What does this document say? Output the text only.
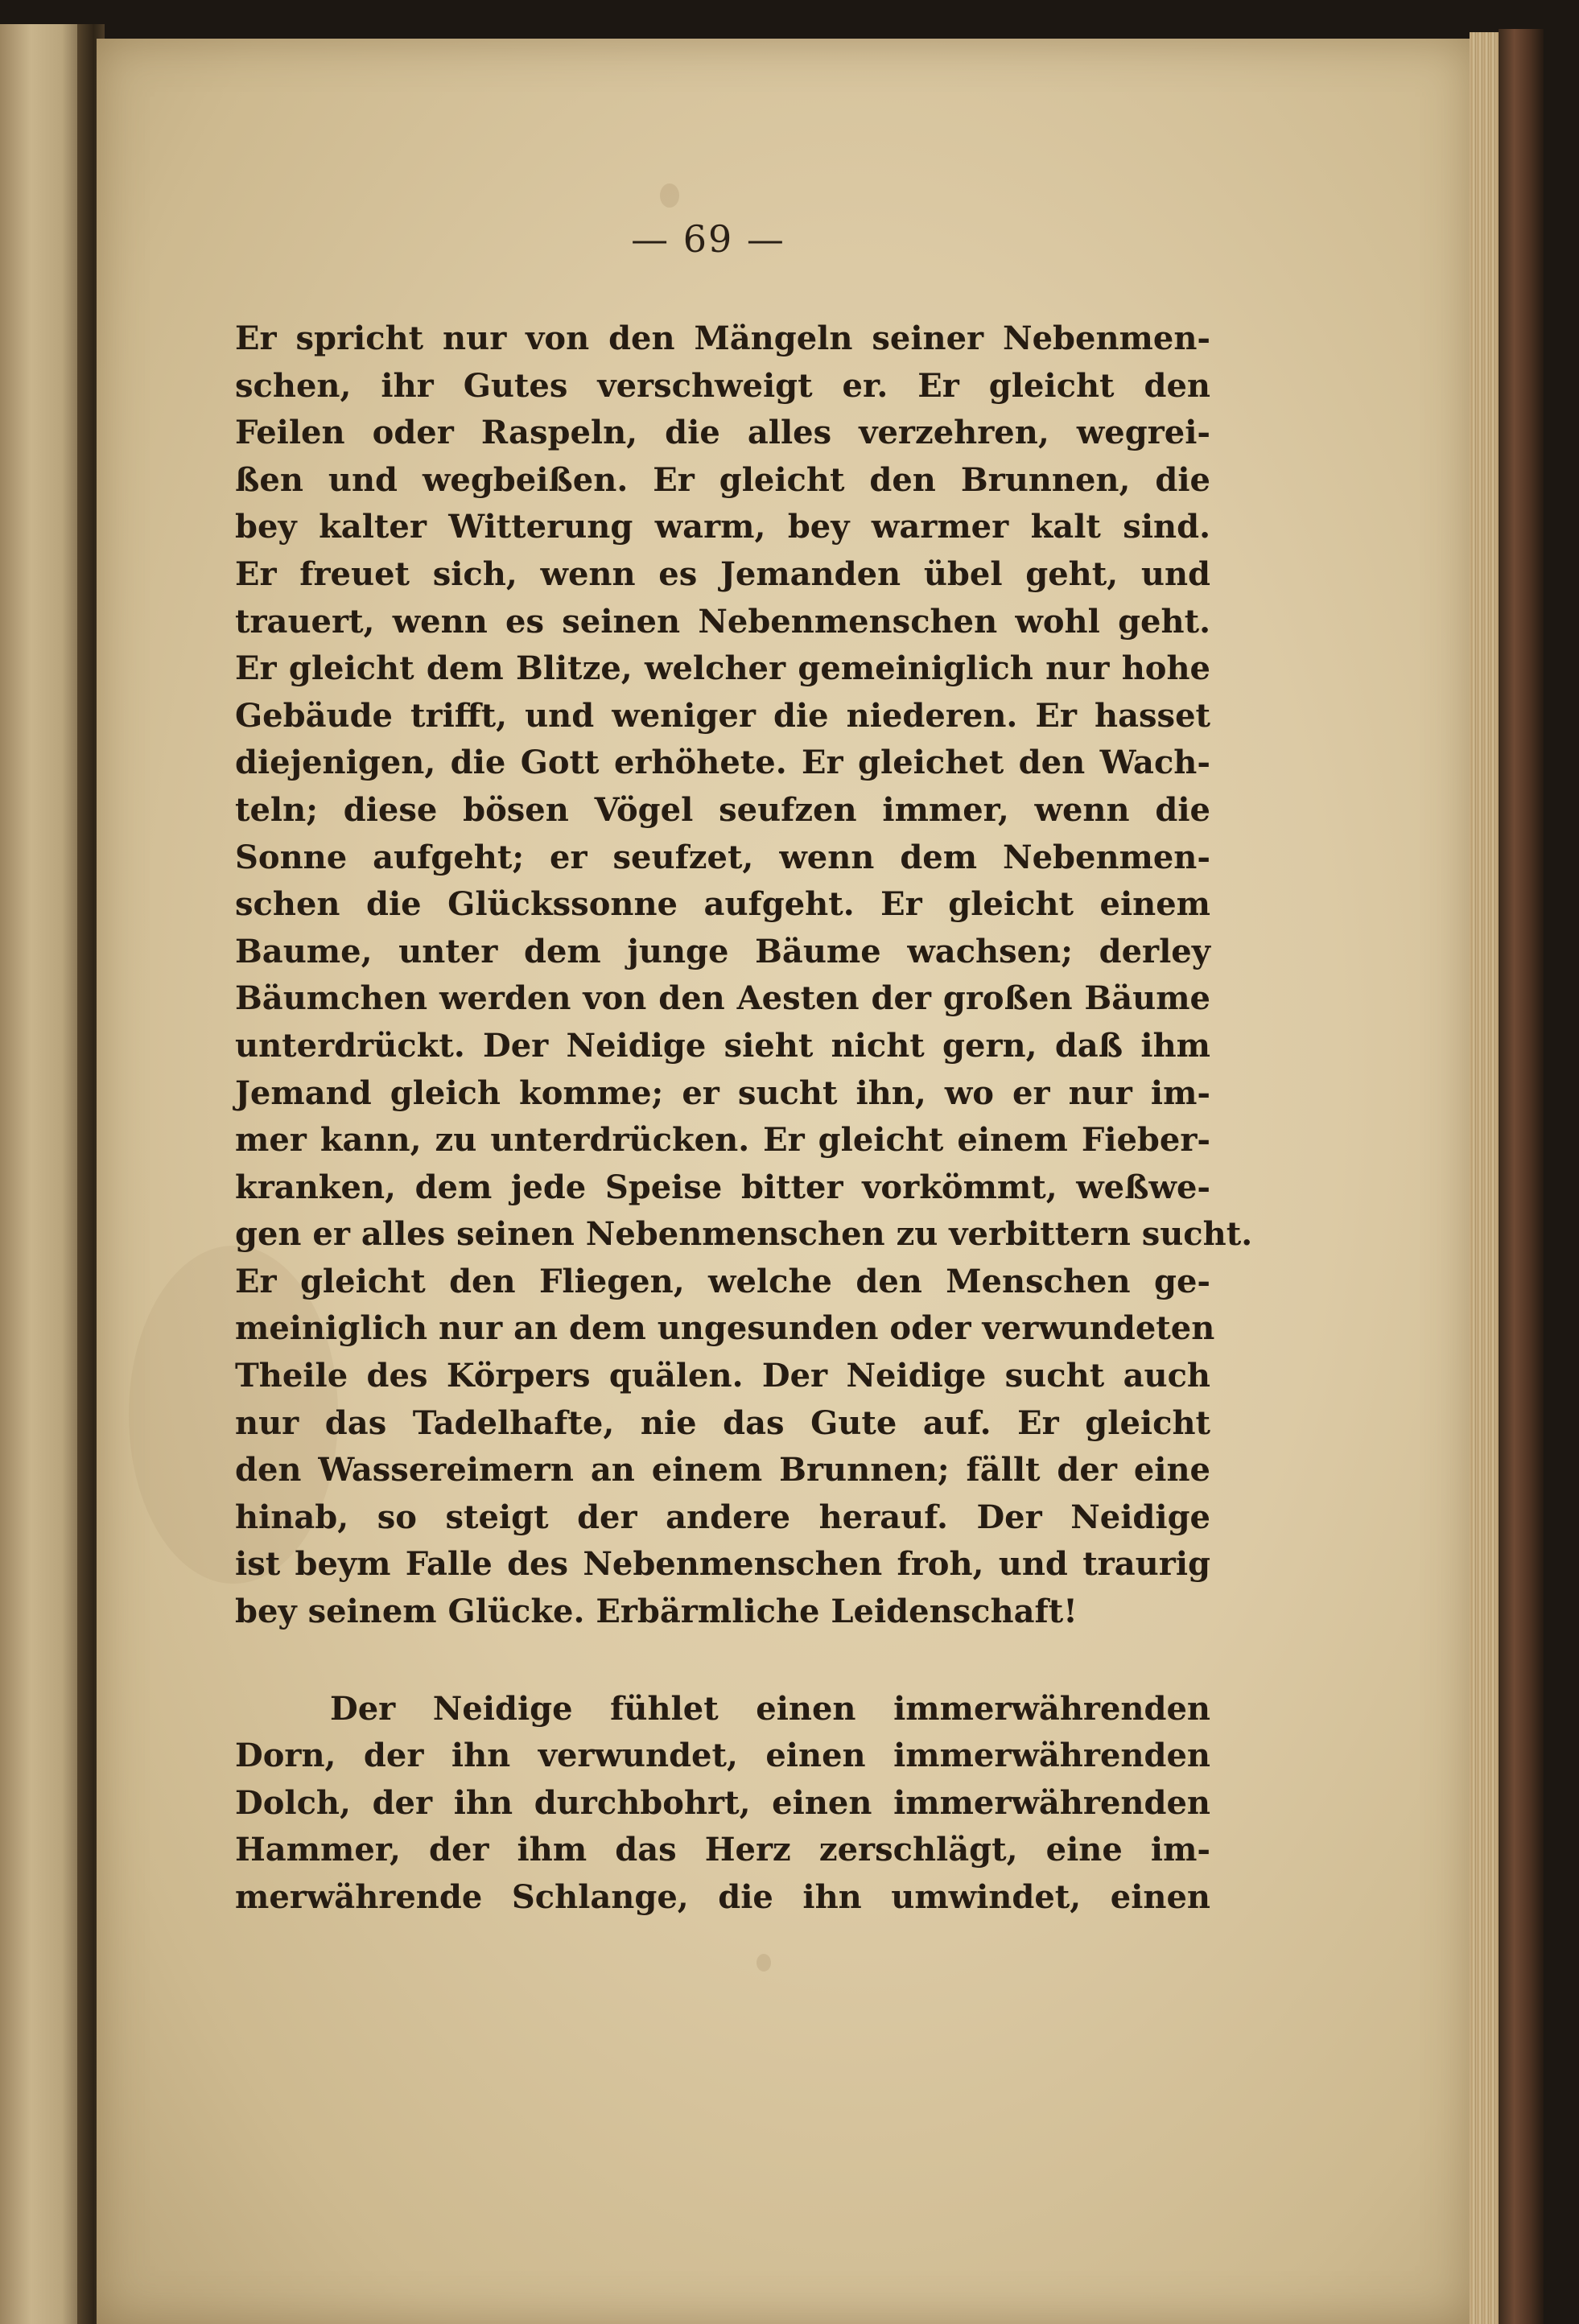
— 69 —

Er spricht nur von den Mängeln seiner Nebenmen-
schen, ihr Gutes verschweigt er. Er gleicht den
Feilen oder Raspeln, die alles verzehren, wegrei-
ßen und wegbeißen. Er gleicht den Brunnen, die
bey kalter Witterung warm, bey warmer kalt sind.
Er freuet sich, wenn es Jemanden übel geht, und
trauert, wenn es seinen Nebenmenschen wohl geht.
Er gleicht dem Blitze, welcher gemeiniglich nur hohe
Gebäude trifft, und weniger die niederen. Er hasset
diejenigen, die Gott erhöhete. Er gleichet den Wach-
teln; diese bösen Vögel seufzen immer, wenn die
Sonne aufgeht; er seufzet, wenn dem Nebenmen-
schen die Glückssonne aufgeht. Er gleicht einem
Baume, unter dem junge Bäume wachsen; derley
Bäumchen werden von den Aesten der großen Bäume
unterdrückt. Der Neidige sieht nicht gern, daß ihm
Jemand gleich komme; er sucht ihn, wo er nur im-
mer kann, zu unterdrücken. Er gleicht einem Fieber-
kranken, dem jede Speise bitter vorkömmt, weßwe-
gen er alles seinen Nebenmenschen zu verbittern sucht.
Er gleicht den Fliegen, welche den Menschen ge-
meiniglich nur an dem ungesunden oder verwundeten
Theile des Körpers quälen. Der Neidige sucht auch
nur das Tadelhafte, nie das Gute auf. Er gleicht
den Wassereimern an einem Brunnen; fällt der eine
hinab, so steigt der andere herauf. Der Neidige
ist beym Falle des Nebenmenschen froh, und traurig
bey seinem Glücke. Erbärmliche Leidenschaft!
Der Neidige fühlet einen immerwährenden
Dorn, der ihn verwundet, einen immerwährenden
Dolch, der ihn durchbohrt, einen immerwährenden
Hammer, der ihm das Herz zerschlägt, eine im-
merwährende Schlange, die ihn umwindet, einen
